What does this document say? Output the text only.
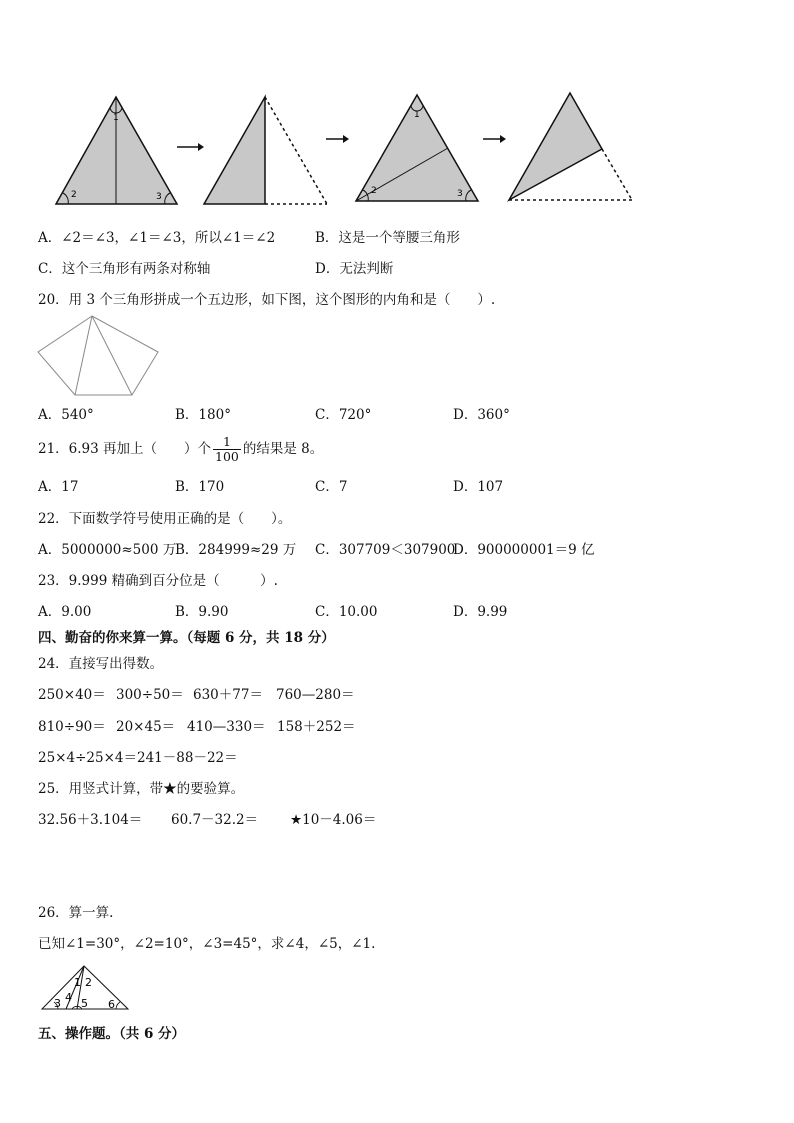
1
2	3
1
2	3
A．∠2＝∠3，∠1＝∠3，所以∠1＝∠2	B．这是一个等腰三角形
C．这个三角形有两条对称轴	D．无法判断
20．用 3 个三角形拼成一个五边形，如下图，这个图形的内角和是（　　）.
A．540°	B．180°	C．720°	D．360°
21．6.93 再加上（　　）个 $\frac{1}{100}$ 的结果是 8。
A．17	B．170	C．7	D．107
22．下面数学符号使用正确的是（　　）。
A．5000000≈500 万
B．284999≈29 万 C．307709＜307900
D．900000001＝9 亿
23．9.999 精确到百分位是（　　　）.
A．9.00	B．9.90	C．10.00	D．9.99
四、勤奋的你来算一算。（每题 6 分，共 18 分）
24．直接写出得数。
250×40＝ 300÷50＝ 630＋77＝ 760—280＝
810÷90＝ 20×45＝ 410—330＝ 158＋252＝
25×4÷25×4＝ 241－88－22＝
25．用竖式计算，带★的要验算。
32.56＋3.104＝ 60.7－32.2＝ ★10－4.06＝
26．算一算.
已知∠1=30°，∠2=10°，∠3=45°，求∠4，∠5，∠1.
1 2
3 4 5 6
五、操作题。（共 6 分）
